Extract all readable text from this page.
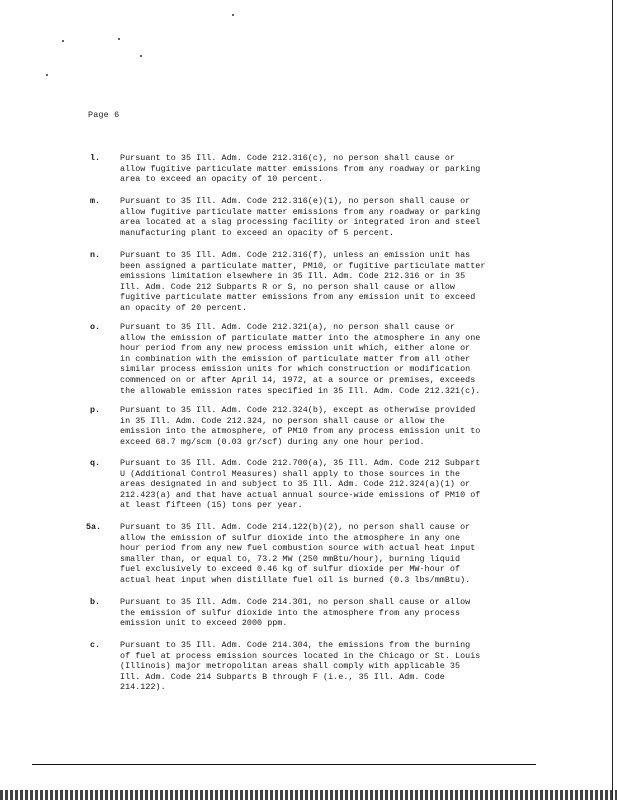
Page 6
l. Pursuant to 35 Ill. Adm. Code 212.316(c), no person shall cause or
allow fugitive particulate matter emissions from any roadway or parking
area to exceed an opacity of 10 percent.
m. Pursuant to 35 Ill. Adm. Code 212.316(e)(1), no person shall cause or
allow fugitive particulate matter emissions from any roadway or parking
area located at a slag processing facility or integrated iron and steel
manufacturing plant to exceed an opacity of 5 percent.
n. Pursuant to 35 Ill. Adm. Code 212.316(f), unless an emission unit has
been assigned a particulate matter, PM10, or fugitive particulate matter
emissions limitation elsewhere in 35 Ill. Adm. Code 212.316 or in 35
Ill. Adm. Code 212 Subparts R or S, no person shall cause or allow
fugitive particulate matter emissions from any emission unit to exceed
an opacity of 20 percent.
o. Pursuant to 35 Ill. Adm. Code 212.321(a), no person shall cause or
allow the emission of particulate matter into the atmosphere in any one
hour period from any new process emission unit which, either alone or
in combination with the emission of particulate matter from all other
similar process emission units for which construction or modification
commenced on or after April 14, 1972, at a source or premises, exceeds
the allowable emission rates specified in 35 Ill. Adm. Code 212.321(c).
p. Pursuant to 35 Ill. Adm. Code 212.324(b), except as otherwise provided
in 35 Ill. Adm. Code 212.324, no person shall cause or allow the
emission into the atmosphere, of PM10 from any process emission unit to
exceed 68.7 mg/scm (0.03 gr/scf) during any one hour period.
q. Pursuant to 35 Ill. Adm. Code 212.700(a), 35 Ill. Adm. Code 212 Subpart
U (Additional Control Measures) shall apply to those sources in the
areas designated in and subject to 35 Ill. Adm. Code 212.324(a)(1) or
212.423(a) and that have actual annual source-wide emissions of PM10 of
at least fifteen (15) tons per year.
5a. Pursuant to 35 Ill. Adm. Code 214.122(b)(2), no person shall cause or
allow the emission of sulfur dioxide into the atmosphere in any one
hour period from any new fuel combustion source with actual heat input
smaller than, or equal to, 73.2 MW (250 mmBtu/hour), burning liquid
fuel exclusively to exceed 0.46 kg of sulfur dioxide per MW-hour of
actual heat input when distillate fuel oil is burned (0.3 lbs/mmBtu).
b. Pursuant to 35 Ill. Adm. Code 214.301, no person shall cause or allow
the emission of sulfur dioxide into the atmosphere from any process
emission unit to exceed 2000 ppm.
c. Pursuant to 35 Ill. Adm. Code 214.304, the emissions from the burning
of fuel at process emission sources located in the Chicago or St. Louis
(Illinois) major metropolitan areas shall comply with applicable 35
Ill. Adm. Code 214 Subparts B through F (i.e., 35 Ill. Adm. Code
214.122).
